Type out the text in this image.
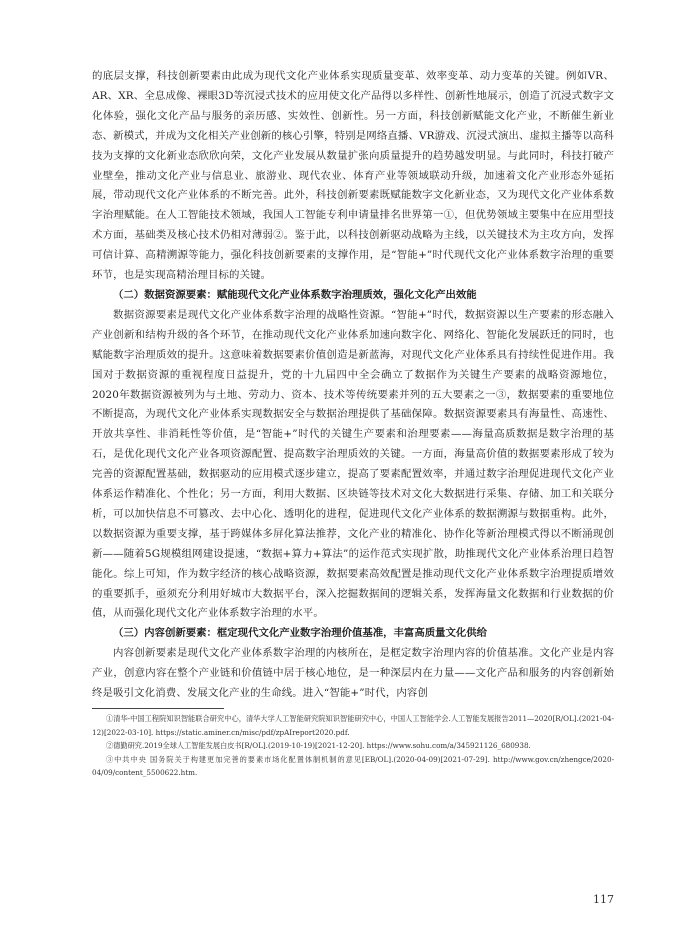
的底层支撑，科技创新要素由此成为现代文化产业体系实现质量变革、效率变革、动力变革的关键。例如VR、AR、XR、全息成像、裸眼3D等沉浸式技术的应用使文化产品得以多样性、创新性地展示，创造了沉浸式数字文化体验，强化文化产品与服务的亲历感、实效性、创新性。另一方面，科技创新赋能文化产业，不断催生新业态、新模式，并成为文化相关产业创新的核心引擎，特别是网络直播、VR游戏、沉浸式演出、虚拟主播等以高科技为支撑的文化新业态欣欣向荣，文化产业发展从数量扩张向质量提升的趋势越发明显。与此同时，科技打破产业壁垒，推动文化产业与信息业、旅游业、现代农业、体育产业等领域联动升级，加速着文化产业形态外延拓展，带动现代文化产业体系的不断完善。此外，科技创新要素既赋能数字文化新业态，又为现代文化产业体系数字治理赋能。在人工智能技术领域，我国人工智能专利申请量排名世界第一①，但优势领域主要集中在应用型技术方面，基础类及核心技术仍相对薄弱②。鉴于此，以科技创新驱动战略为主线，以关键技术为主攻方向，发挥可信计算、高精溯源等能力，强化科技创新要素的支撑作用，是“智能+”时代现代文化产业体系数字治理的重要环节，也是实现高精治理目标的关键。

（二）数据资源要素：赋能现代文化产业体系数字治理质效，强化文化产出效能

数据资源要素是现代文化产业体系数字治理的战略性资源。“智能+”时代，数据资源以生产要素的形态融入产业创新和结构升级的各个环节，在推动现代文化产业体系加速向数字化、网络化、智能化发展跃迁的同时，也赋能数字治理质效的提升。这意味着数据要素价值创造是新蓝海，对现代文化产业体系具有持续性促进作用。我国对于数据资源的重视程度日益提升，党的十九届四中全会确立了数据作为关键生产要素的战略资源地位，2020年数据资源被列为与土地、劳动力、资本、技术等传统要素并列的五大要素之一③，数据要素的重要地位不断提高，为现代文化产业体系实现数据安全与数据治理提供了基础保障。数据资源要素具有海量性、高速性、开放共享性、非消耗性等价值，是“智能+”时代的关键生产要素和治理要素——海量高质数据是数字治理的基石，是优化现代文化产业各项资源配置、提高数字治理质效的关键。一方面，海量高价值的数据要素形成了较为完善的资源配置基础，数据驱动的应用模式逐步建立，提高了要素配置效率，并通过数字治理促进现代文化产业体系运作精准化、个性化；另一方面，利用大数据、区块链等技术对文化大数据进行采集、存储、加工和关联分析，可以加快信息不可篡改、去中心化、透明化的进程，促进现代文化产业体系的数据溯源与数据重构。此外，以数据资源为重要支撑，基于跨媒体多屏化算法推荐，文化产业的精准化、协作化等新治理模式得以不断涌现创新——随着5G规模组网建设提速，“数据+算力+算法”的运作范式实现扩散，助推现代文化产业体系治理日趋智能化。综上可知，作为数字经济的核心战略资源，数据要素高效配置是推动现代文化产业体系数字治理提质增效的重要抓手，亟须充分利用好城市大数据平台，深入挖掘数据间的逻辑关系，发挥海量文化数据和行业数据的价值，从而强化现代文化产业体系数字治理的水平。

（三）内容创新要素：框定现代文化产业数字治理价值基准，丰富高质量文化供给

内容创新要素是现代文化产业体系数字治理的内核所在，是框定数字治理内容的价值基准。文化产业是内容产业，创意内容在整个产业链和价值链中居于核心地位，是一种深层内在力量——文化产品和服务的内容创新始终是吸引文化消费、发展文化产业的生命线。进入“智能+”时代，内容创

①清华-中国工程院知识智能联合研究中心，清华大学人工智能研究院知识智能研究中心，中国人工智能学会.人工智能发展报告2011—2020[R/OL].(2021-04-12)[2022-03-10]. https://static.aminer.cn/misc/pdf/zpAIreport2020.pdf.

②德勤研究.2019全球人工智能发展白皮书[R/OL].(2019-10-19)[2021-12-20]. https://www.sohu.com/a/345921126_680938.

③中共中央 国务院关于构建更加完善的要素市场化配置体制机制的意见[EB/OL].(2020-04-09)[2021-07-29]. http://www.gov.cn/zhengce/2020-04/09/content_5500622.htm.

117
